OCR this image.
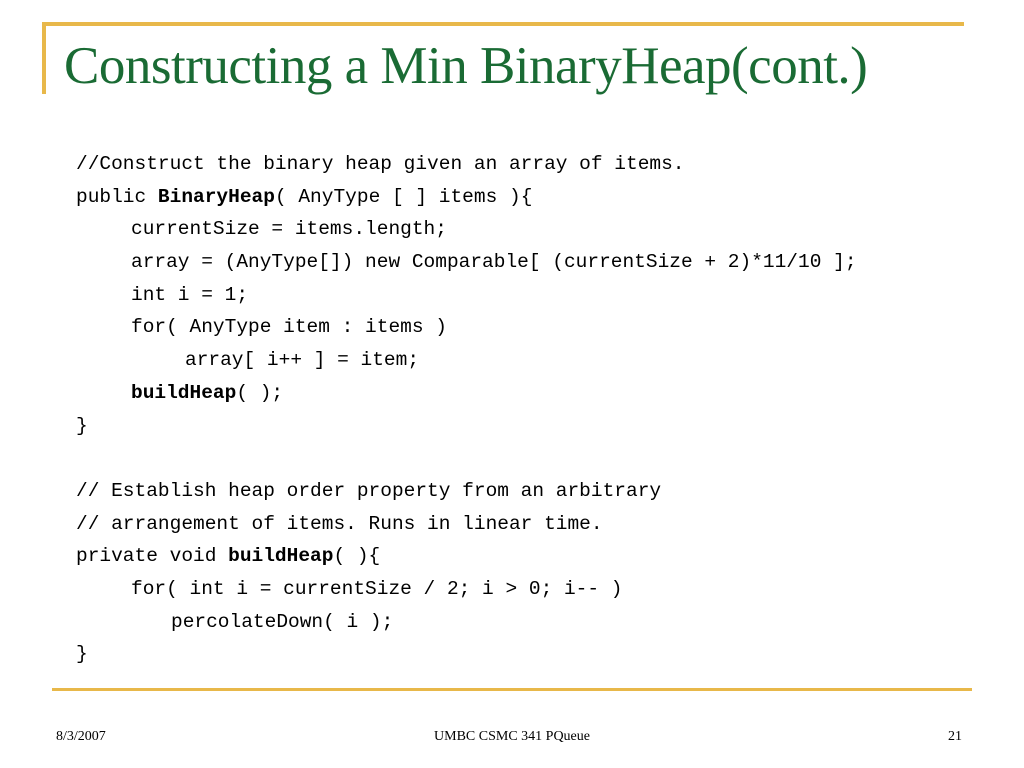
Constructing a Min BinaryHeap(cont.)
//Construct the binary heap given an array of items.
public BinaryHeap( AnyType [ ] items ){
currentSize = items.length;
array = (AnyType[]) new Comparable[ (currentSize + 2)*11/10 ];
int i = 1;
for( AnyType item : items )
array[ i++ ] = item;
buildHeap( );
}
// Establish heap order property from an arbitrary
// arrangement of items. Runs in linear time.
private void buildHeap( ){
for( int i = currentSize / 2; i > 0; i-- )
percolateDown( i );
}
8/3/2007	UMBC CSMC 341 PQueue	21
